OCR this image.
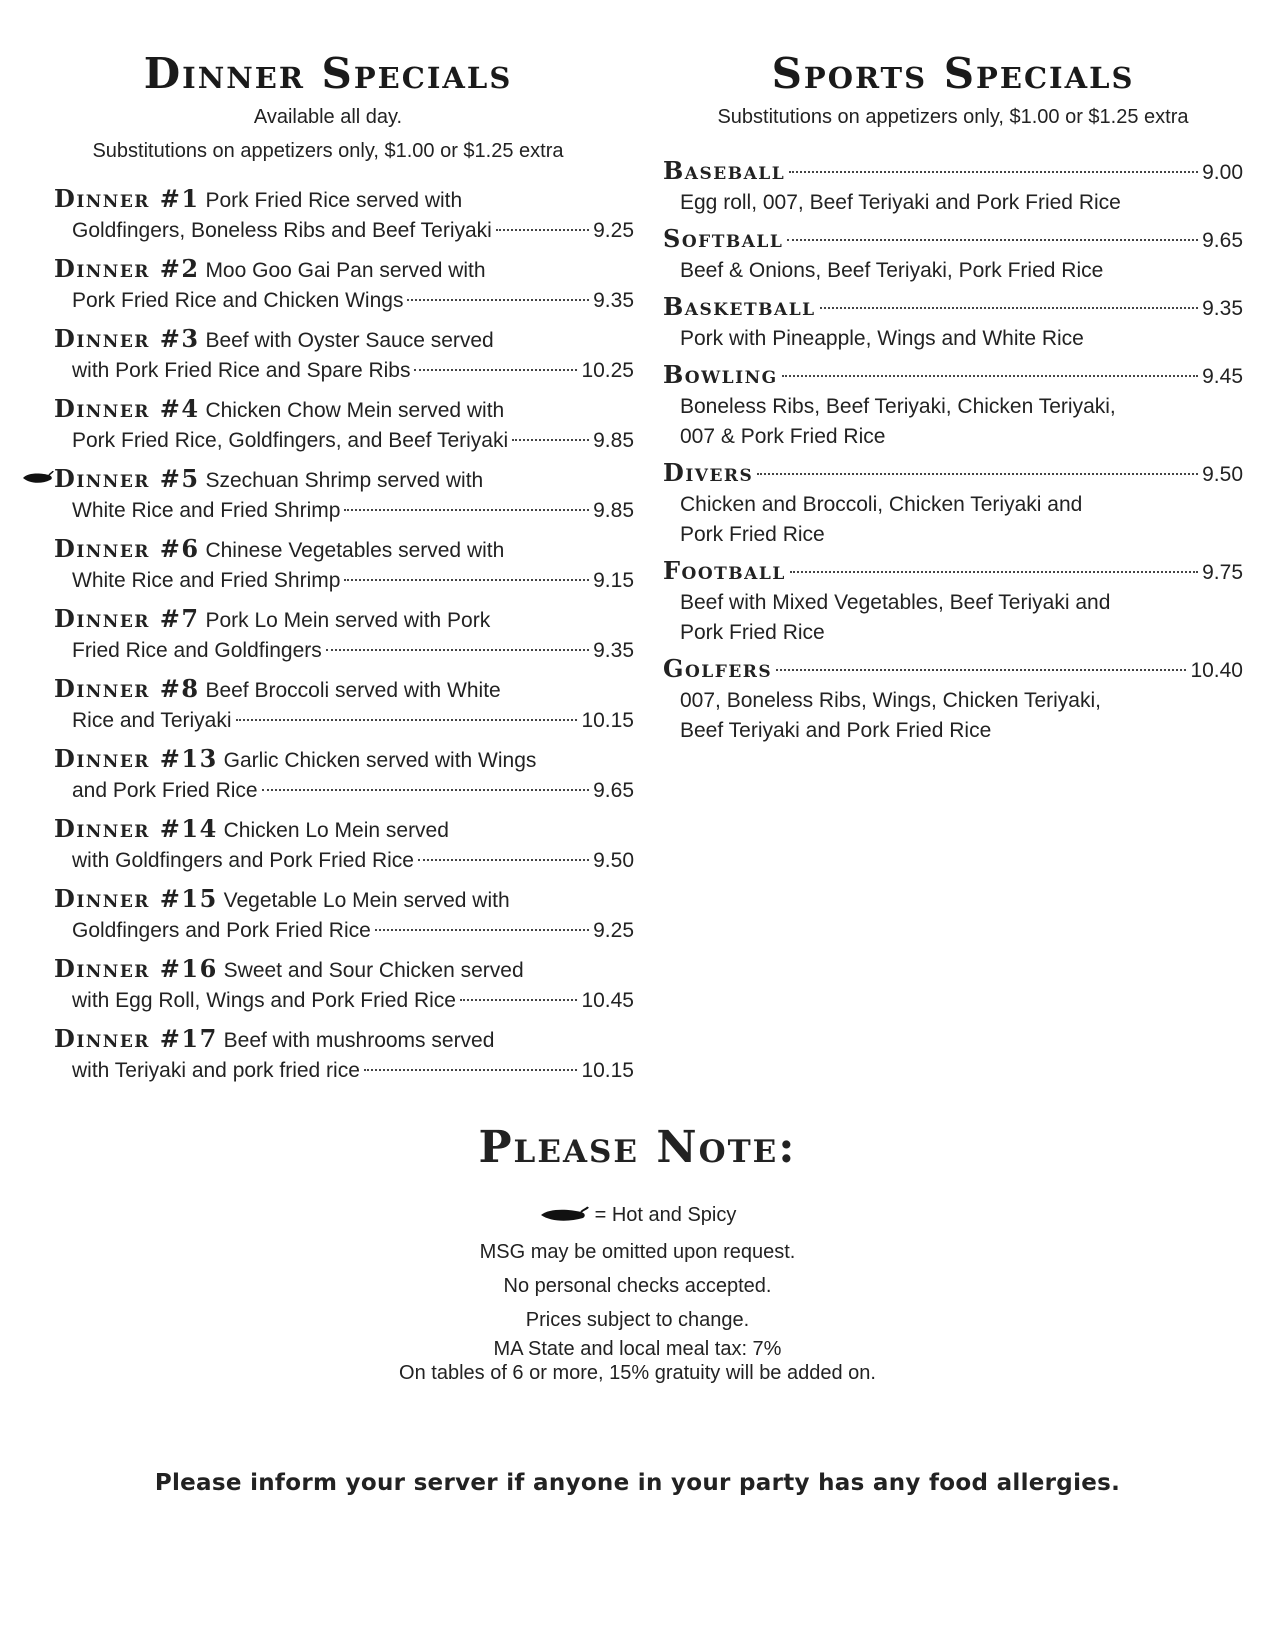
Dinner Specials

Available all day.

Substitutions on appetizers only, $1.00 or $1.25 extra

Dinner #1 Pork Fried Rice served with
Goldfingers, Boneless Ribs and Beef Teriyaki	9.25
Dinner #2 Moo Goo Gai Pan served with
Pork Fried Rice and Chicken Wings	9.35
Dinner #3 Beef with Oyster Sauce served
with Pork Fried Rice and Spare Ribs	10.25
Dinner #4 Chicken Chow Mein served with
Pork Fried Rice, Goldfingers, and Beef Teriyaki	9.85
Dinner #5 Szechuan Shrimp served with
White Rice and Fried Shrimp	9.85
Dinner #6 Chinese Vegetables served with
White Rice and Fried Shrimp	9.15
Dinner #7 Pork Lo Mein served with Pork
Fried Rice and Goldfingers	9.35
Dinner #8 Beef Broccoli served with White
Rice and Teriyaki	10.15
Dinner #13 Garlic Chicken served with Wings
and Pork Fried Rice	9.65
Dinner #14 Chicken Lo Mein served
with Goldfingers and Pork Fried Rice	9.50
Dinner #15 Vegetable Lo Mein served with
Goldfingers and Pork Fried Rice	9.25
Dinner #16 Sweet and Sour Chicken served
with Egg Roll, Wings and Pork Fried Rice	10.45
Dinner #17 Beef with mushrooms served
with Teriyaki and pork fried rice	10.15
Sports Specials

Substitutions on appetizers only, $1.00 or $1.25 extra

Baseball	9.00
Egg roll, 007, Beef Teriyaki and Pork Fried Rice
Softball	9.65
Beef & Onions, Beef Teriyaki, Pork Fried Rice
Basketball	9.35
Pork with Pineapple, Wings and White Rice
Bowling	9.45
Boneless Ribs, Beef Teriyaki, Chicken Teriyaki,
007 & Pork Fried Rice
Divers	9.50
Chicken and Broccoli, Chicken Teriyaki and
Pork Fried Rice
Football	9.75
Beef with Mixed Vegetables, Beef Teriyaki and
Pork Fried Rice
Golfers	10.40
007, Boneless Ribs, Wings, Chicken Teriyaki,
Beef Teriyaki and Pork Fried Rice
Please Note:
= Hot and Spicy
MSG may be omitted upon request.
No personal checks accepted.
Prices subject to change.
MA State and local meal tax: 7%
On tables of 6 or more, 15% gratuity will be added on.
Please inform your server if anyone in your party has any food allergies.
